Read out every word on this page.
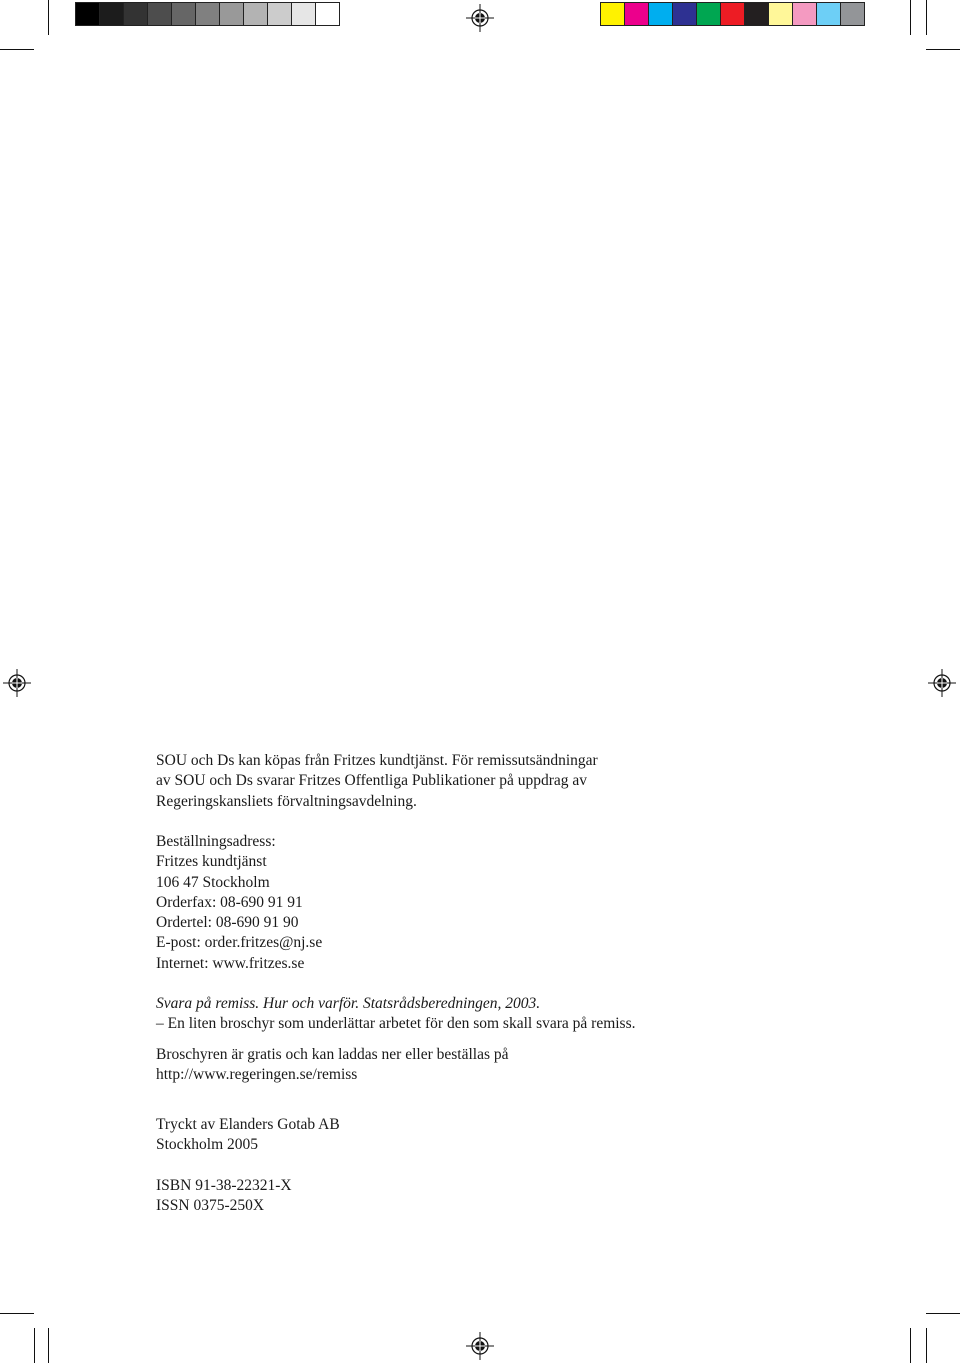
SOU och Ds kan köpas från Fritzes kundtjänst. För remissutsändningar
av SOU och Ds svarar Fritzes Offentliga Publikationer på uppdrag av
Regeringskansliets förvaltningsavdelning.
Beställningsadress:
Fritzes kundtjänst
106 47 Stockholm
Orderfax: 08-690 91 91
Ordertel: 08-690 91 90
E-post: order.fritzes@nj.se
Internet: www.fritzes.se
Svara på remiss. Hur och varför. Statsrådsberedningen, 2003.
– En liten broschyr som underlättar arbetet för den som skall svara på remiss.
Broschyren är gratis och kan laddas ner eller beställas på
http://www.regeringen.se/remiss
Tryckt av Elanders Gotab AB
Stockholm 2005
ISBN 91-38-22321-X
ISSN 0375-250X
